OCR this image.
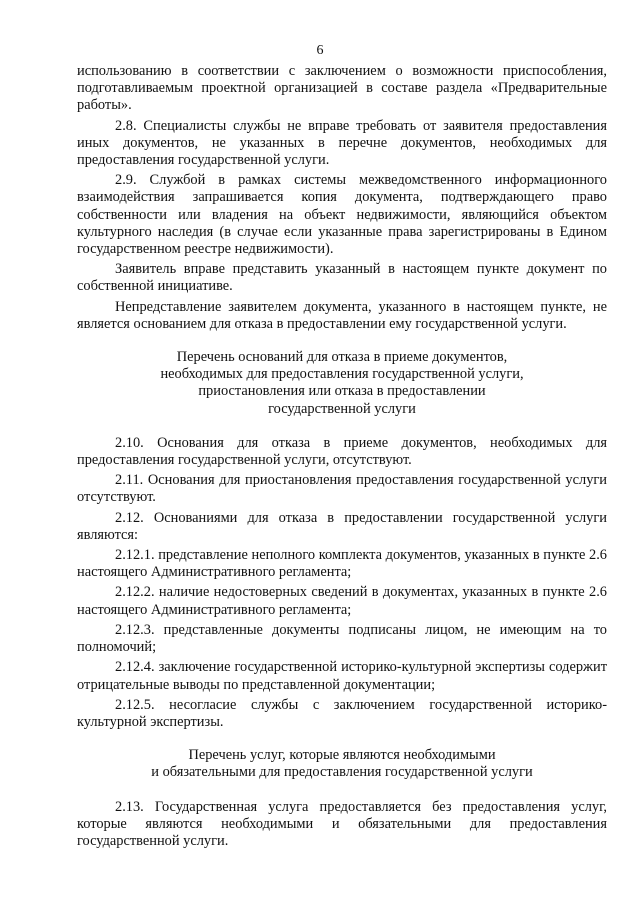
6

использованию в соответствии с заключением о возможности приспособления, подготавливаемым проектной организацией в составе раздела «Предварительные работы».

2.8. Специалисты службы не вправе требовать от заявителя предоставления иных документов, не указанных в перечне документов, необходимых для предоставления государственной услуги.

2.9. Службой в рамках системы межведомственного информационного взаимодействия запрашивается копия документа, подтверждающего право собственности или владения на объект недвижимости, являющийся объектом культурного наследия (в случае если указанные права зарегистрированы в Едином государственном реестре недвижимости).

Заявитель вправе представить указанный в настоящем пункте документ по собственной инициативе.

Непредставление заявителем документа, указанного в настоящем пункте, не является основанием для отказа в предоставлении ему государственной услуги.

Перечень оснований для отказа в приеме документов,
необходимых для предоставления государственной услуги,
приостановления или отказа в предоставлении
государственной услуги

2.10. Основания для отказа в приеме документов, необходимых для предоставления государственной услуги, отсутствуют.

2.11. Основания для приостановления предоставления государственной услуги отсутствуют.

2.12. Основаниями для отказа в предоставлении государственной услуги являются:

2.12.1. представление неполного комплекта документов, указанных в пункте 2.6 настоящего Административного регламента;

2.12.2. наличие недостоверных сведений в документах, указанных в пункте 2.6 настоящего Административного регламента;

2.12.3. представленные документы подписаны лицом, не имеющим на то полномочий;

2.12.4. заключение государственной историко-культурной экспертизы содержит отрицательные выводы по представленной документации;

2.12.5. несогласие службы с заключением государственной историко-культурной экспертизы.

Перечень услуг, которые являются необходимыми
и обязательными для предоставления государственной услуги

2.13. Государственная услуга предоставляется без предоставления услуг, которые являются необходимыми и обязательными для предоставления государственной услуги.
